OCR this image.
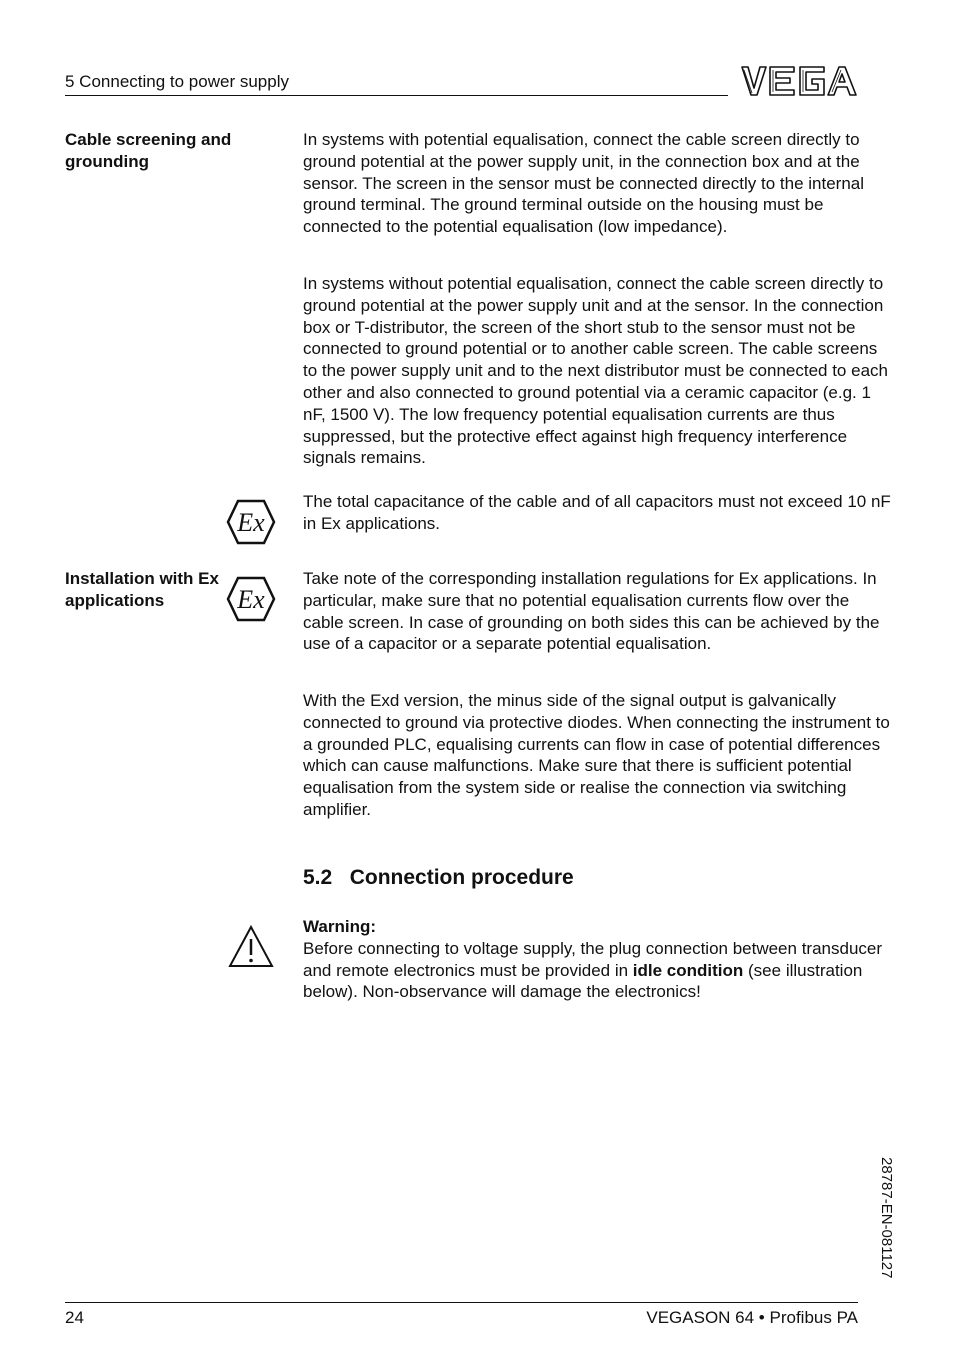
5 Connecting to power supply
Cable screening and grounding
In systems with potential equalisation, connect the cable screen directly to ground potential at the power supply unit, in the connection box and at the sensor. The screen in the sensor must be connected directly to the internal ground terminal. The ground terminal outside on the housing must be connected to the potential equalisation (low impedance).
In systems without potential equalisation, connect the cable screen directly to ground potential at the power supply unit and at the sensor. In the connection box or T-distributor, the screen of the short stub to the sensor must not be connected to ground potential or to another cable screen. The cable screens to the power supply unit and to the next distributor must be connected to each other and also connected to ground potential via a ceramic capacitor (e.g. 1 nF, 1500 V). The low frequency potential equalisation currents are thus suppressed, but the protective effect against high frequency interference signals remains.
Ex
The total capacitance of the cable and of all capacitors must not exceed 10 nF in Ex applications.
Installation with Ex applications	Ex
Take note of the corresponding installation regulations for Ex applications. In particular, make sure that no potential equalisation currents flow over the cable screen. In case of grounding on both sides this can be achieved by the use of a capacitor or a separate potential equalisation.
With the Exd version, the minus side of the signal output is galvanically connected to ground via protective diodes. When connecting the instrument to a grounded PLC, equalising currents can flow in case of potential differences which can cause malfunctions. Make sure that there is sufficient potential equalisation from the system side or realise the connection via switching amplifier.
5.2   Connection procedure
Warning:
Before connecting to voltage supply, the plug connection between transducer and remote electronics must be provided in idle condition (see illustration below). Non-observance will damage the electronics!
28787-EN-081127
24	VEGASON 64 • Profibus PA
